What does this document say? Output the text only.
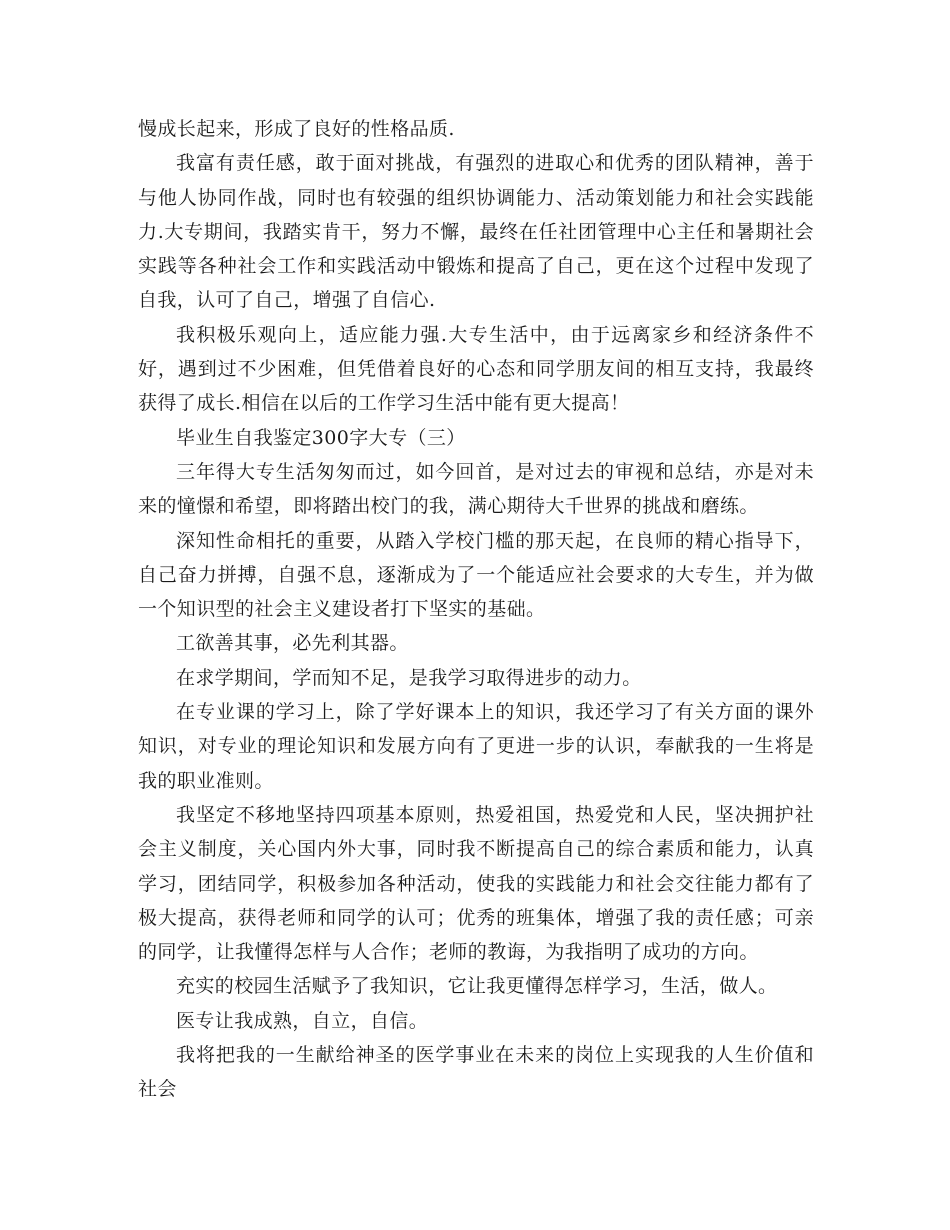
慢成长起来，形成了良好的性格品质.

我富有责任感，敢于面对挑战，有强烈的进取心和优秀的团队精神，善于与他人协同作战，同时也有较强的组织协调能力、活动策划能力和社会实践能力.大专期间，我踏实肯干，努力不懈，最终在任社团管理中心主任和暑期社会实践等各种社会工作和实践活动中锻炼和提高了自己，更在这个过程中发现了自我，认可了自己，增强了自信心.

我积极乐观向上，适应能力强.大专生活中，由于远离家乡和经济条件不好，遇到过不少困难，但凭借着良好的心态和同学朋友间的相互支持，我最终获得了成长.相信在以后的工作学习生活中能有更大提高！

毕业生自我鉴定300字大专（三）

三年得大专生活匆匆而过，如今回首，是对过去的审视和总结，亦是对未来的憧憬和希望，即将踏出校门的我，满心期待大千世界的挑战和磨练。

深知性命相托的重要，从踏入学校门槛的那天起，在良师的精心指导下，自己奋力拼搏，自强不息，逐渐成为了一个能适应社会要求的大专生，并为做一个知识型的社会主义建设者打下坚实的基础。

工欲善其事，必先利其器。

在求学期间，学而知不足，是我学习取得进步的动力。

在专业课的学习上，除了学好课本上的知识，我还学习了有关方面的课外知识，对专业的理论知识和发展方向有了更进一步的认识，奉献我的一生将是我的职业准则。

我坚定不移地坚持四项基本原则，热爱祖国，热爱党和人民，坚决拥护社会主义制度，关心国内外大事，同时我不断提高自己的综合素质和能力，认真学习，团结同学，积极参加各种活动，使我的实践能力和社会交往能力都有了极大提高，获得老师和同学的认可；优秀的班集体，增强了我的责任感；可亲的同学，让我懂得怎样与人合作；老师的教诲，为我指明了成功的方向。

充实的校园生活赋予了我知识，它让我更懂得怎样学习，生活，做人。

医专让我成熟，自立，自信。

我将把我的一生献给神圣的医学事业在未来的岗位上实现我的人生价值和社会
